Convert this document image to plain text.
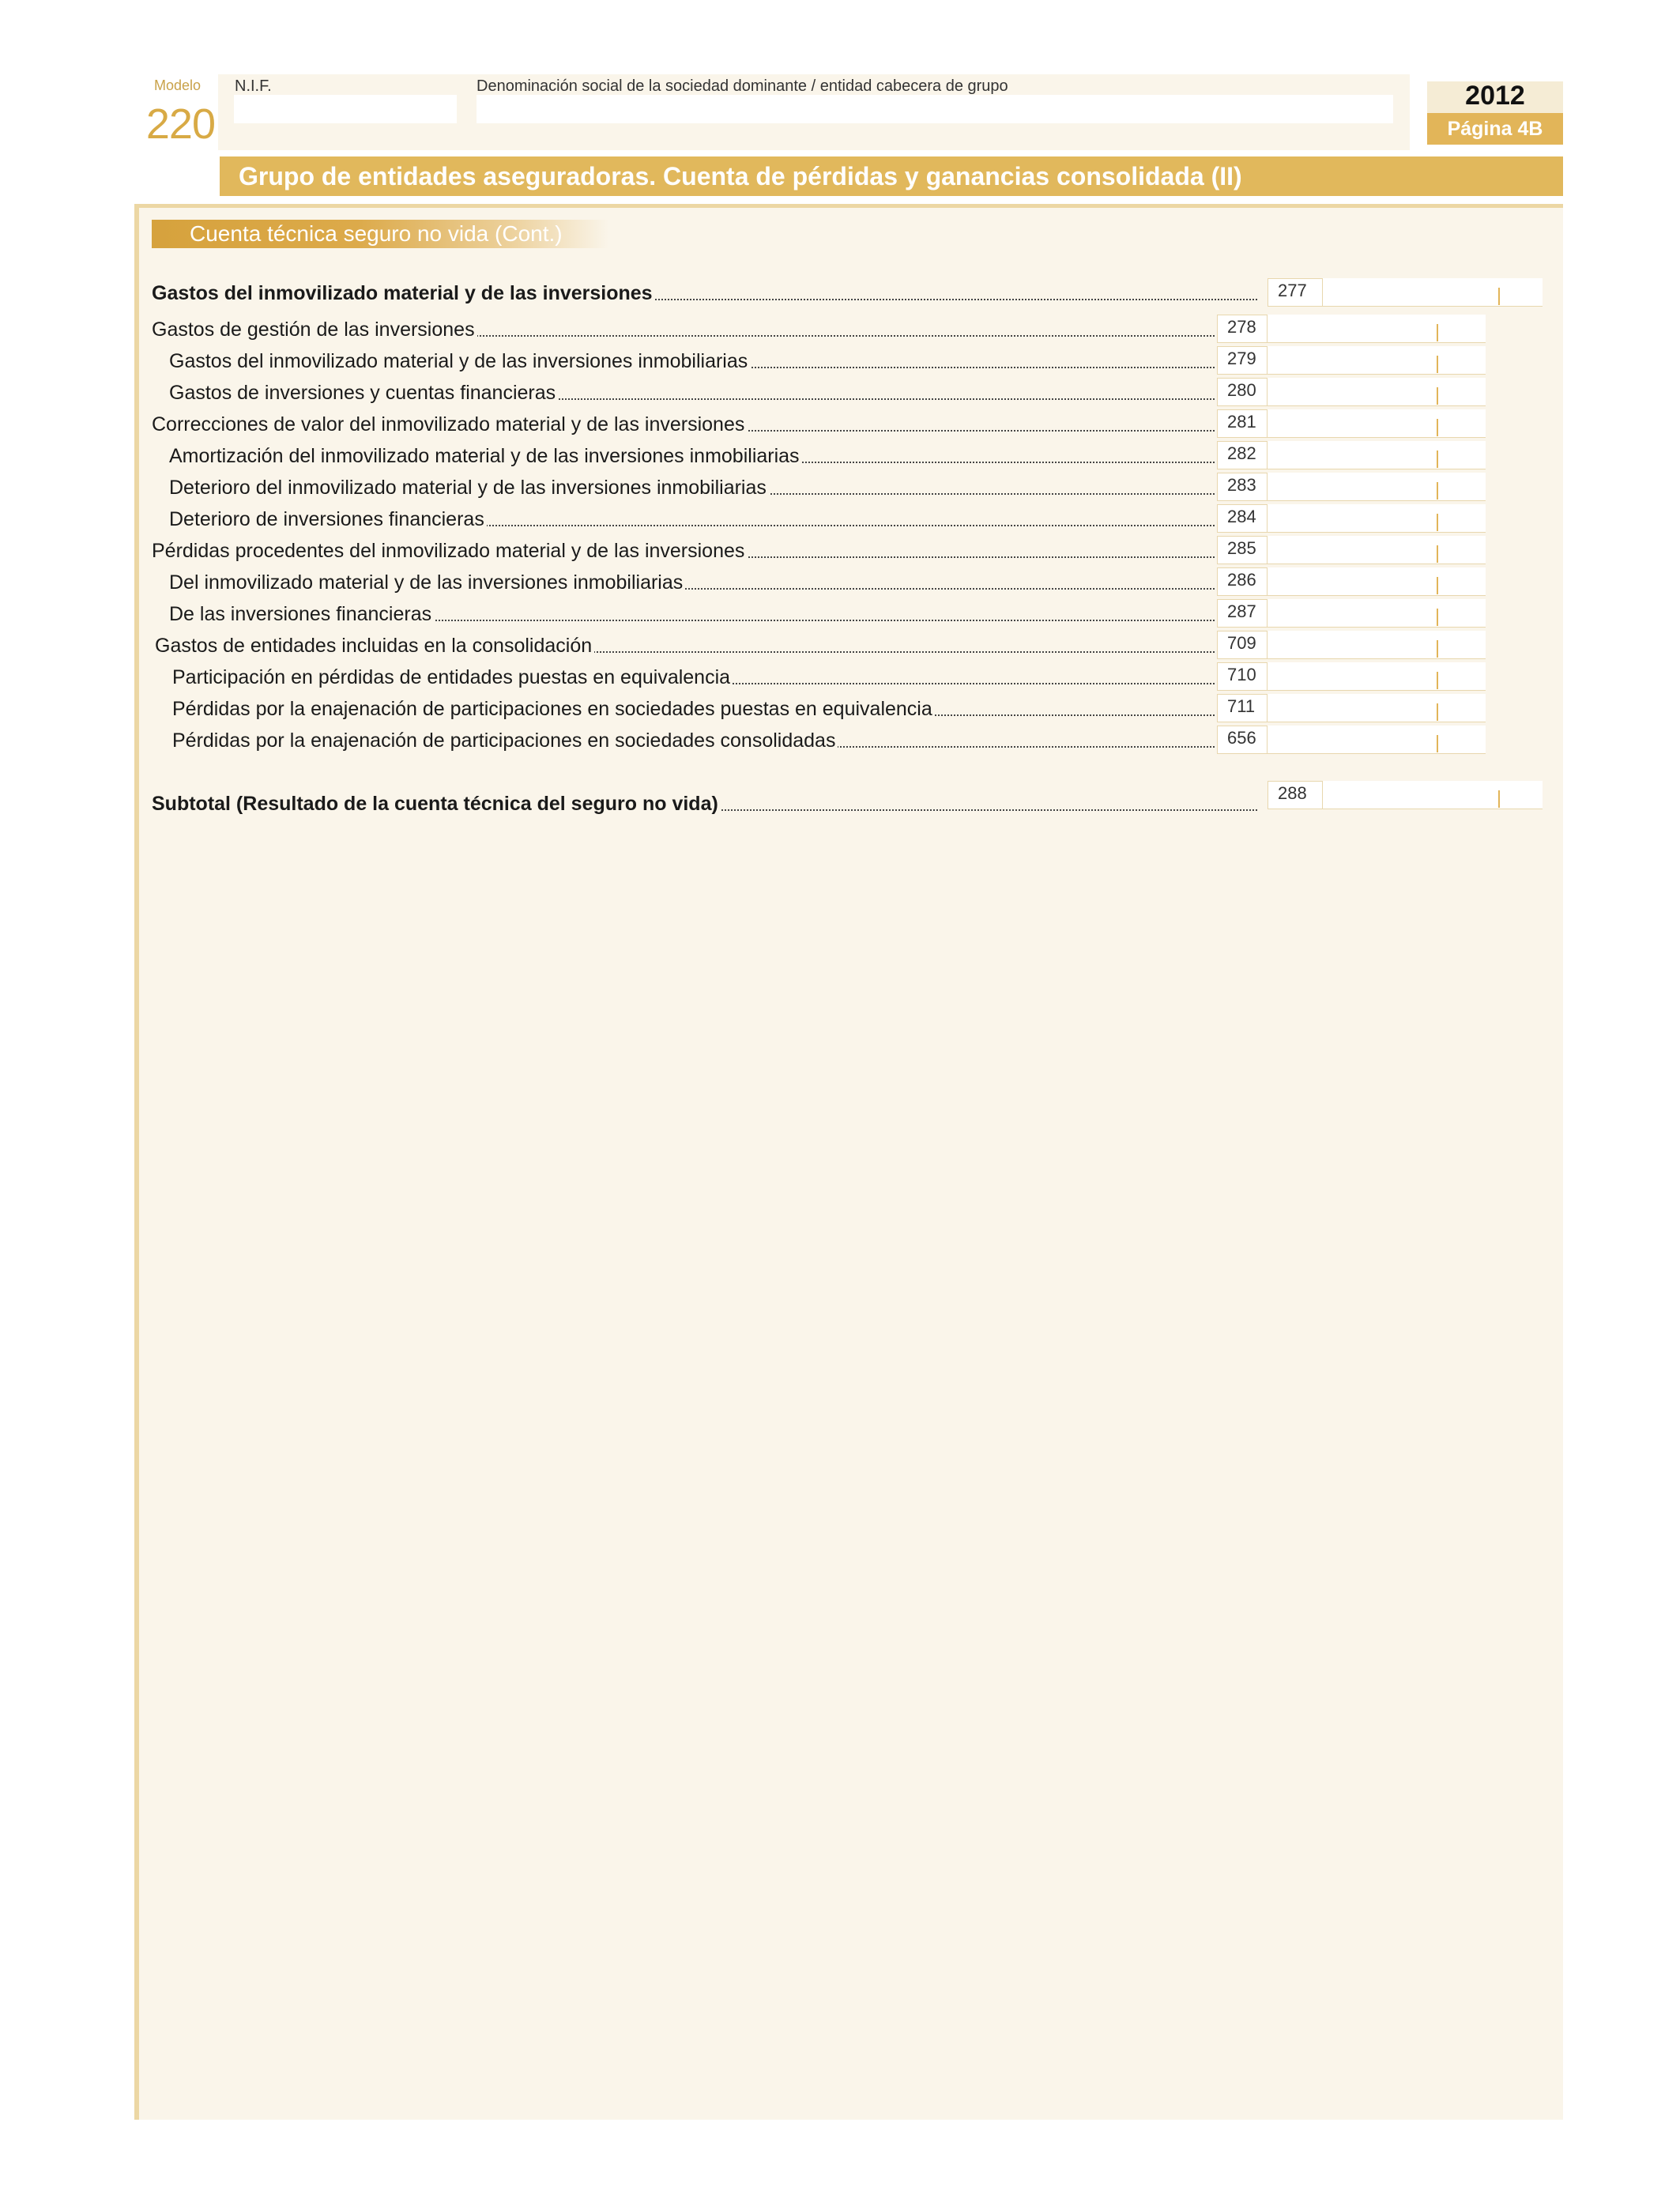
Modelo
220
N.I.F.	Denominación social de la sociedad dominante / entidad cabecera de grupo	2012
Página 4B
Grupo de entidades aseguradoras. Cuenta de pérdidas y ganancias consolidada (II)
Cuenta técnica seguro no vida (Cont.)
Gastos del inmovilizado material y de las inversiones	277
Gastos de gestión de las inversiones	278
Gastos del inmovilizado material y de las inversiones inmobiliarias	279
Gastos de inversiones y cuentas financieras	280
Correcciones de valor del inmovilizado material y de las inversiones	281
Amortización del inmovilizado material y de las inversiones inmobiliarias	282
Deterioro del inmovilizado material y de las inversiones inmobiliarias	283
Deterioro de inversiones financieras	284
Pérdidas procedentes del inmovilizado material y de las inversiones	285
Del inmovilizado material y de las inversiones inmobiliarias	286
De las inversiones financieras	287
Gastos de entidades incluidas en la consolidación	709
Participación en pérdidas de entidades puestas en equivalencia	710
Pérdidas por la enajenación de participaciones en sociedades puestas en equivalencia	711
Pérdidas por la enajenación de participaciones en sociedades consolidadas	656
Subtotal (Resultado de la cuenta técnica del seguro no vida)	288
